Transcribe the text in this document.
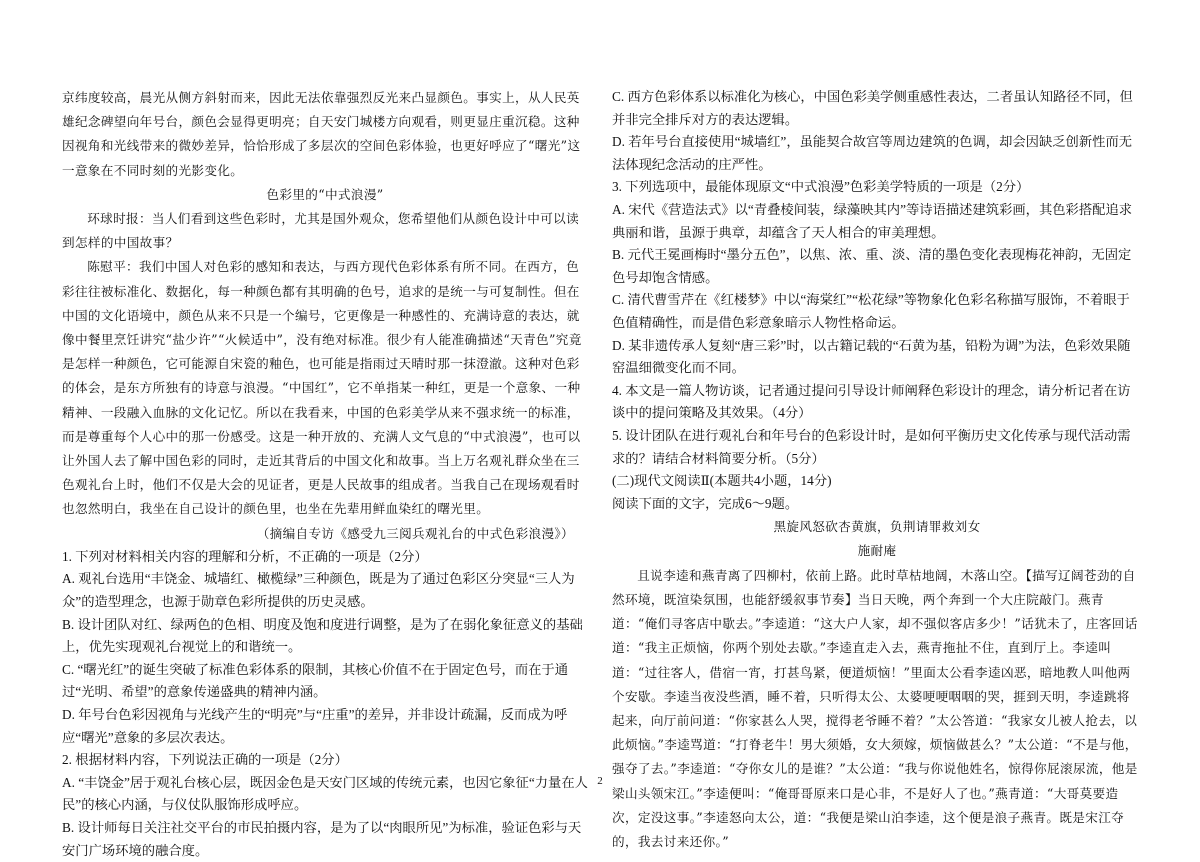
京纬度较高，晨光从侧方斜射而来，因此无法依靠强烈反光来凸显颜色。事实上，从人民英雄纪念碑望向年号台，颜色会显得更明亮；自天安门城楼方向观看，则更显庄重沉稳。这种因视角和光线带来的微妙差异，恰恰形成了多层次的空间色彩体验，也更好呼应了“曙光”这一意象在不同时刻的光影变化。

色彩里的“中式浪漫”

环球时报：当人们看到这些色彩时，尤其是国外观众，您希望他们从颜色设计中可以读到怎样的中国故事？

陈慰平：我们中国人对色彩的感知和表达，与西方现代色彩体系有所不同。在西方，色彩往往被标准化、数据化，每一种颜色都有其明确的色号，追求的是统一与可复制性。但在中国的文化语境中，颜色从来不只是一个编号，它更像是一种感性的、充满诗意的表达，就像中餐里烹饪讲究“盐少许”“火候适中”，没有绝对标准。很少有人能准确描述“天青色”究竟是怎样一种颜色，它可能源自宋瓷的釉色，也可能是指雨过天晴时那一抹澄澈。这种对色彩的体会，是东方所独有的诗意与浪漫。“中国红”，它不单指某一种红，更是一个意象、一种精神、一段融入血脉的文化记忆。所以在我看来，中国的色彩美学从来不强求统一的标准，而是尊重每个人心中的那一份感受。这是一种开放的、充满人文气息的“中式浪漫”，也可以让外国人去了解中国色彩的同时，走近其背后的中国文化和故事。当上万名观礼群众坐在三色观礼台上时，他们不仅是大会的见证者，更是人民故事的组成者。当我自己在现场观看时也忽然明白，我坐在自己设计的颜色里，也坐在先辈用鲜血染红的曙光里。

（摘编自专访《感受九三阅兵观礼台的中式色彩浪漫》）

1. 下列对材料相关内容的理解和分析，不正确的一项是（2分）

A. 观礼台选用“丰饶金、城墙红、橄榄绿”三种颜色，既是为了通过色彩区分突显“三人为众”的造型理念，也源于勋章色彩所提供的历史灵感。

B. 设计团队对红、绿两色的色相、明度及饱和度进行调整，是为了在弱化象征意义的基础上，优先实现观礼台视觉上的和谐统一。

C. “曙光红”的诞生突破了标准色彩体系的限制，其核心价值不在于固定色号，而在于通过“光明、希望”的意象传递盛典的精神内涵。

D. 年号台色彩因视角与光线产生的“明亮”与“庄重”的差异，并非设计疏漏，反而成为呼应“曙光”意象的多层次表达。

2. 根据材料内容，下列说法正确的一项是（2分）

A. “丰饶金”居于观礼台核心层，既因金色是天安门区域的传统元素，也因它象征“力量在人民”的核心内涵，与仪仗队服饰形成呼应。

B. 设计师每日关注社交平台的市民拍摄内容，是为了以“肉眼所见”为标准，验证色彩与天安门广场环境的融合度。

C. 西方色彩体系以标准化为核心，中国色彩美学侧重感性表达，二者虽认知路径不同，但并非完全排斥对方的表达逻辑。

D. 若年号台直接使用“城墙红”，虽能契合故宫等周边建筑的色调，却会因缺乏创新性而无法体现纪念活动的庄严性。

3. 下列选项中，最能体现原文“中式浪漫”色彩美学特质的一项是（2分）

A. 宋代《营造法式》以“青叠棱间装，绿藻映其内”等诗语描述建筑彩画，其色彩搭配追求典丽和谐，虽源于典章，却蕴含了天人相合的审美理想。

B. 元代王冕画梅时“墨分五色”，以焦、浓、重、淡、清的墨色变化表现梅花神韵，无固定色号却饱含情感。

C. 清代曹雪芹在《红楼梦》中以“海棠红”“松花绿”等物象化色彩名称描写服饰，不着眼于色值精确性，而是借色彩意象暗示人物性格命运。

D. 某非遗传承人复刻“唐三彩”时，以古籍记载的“石黄为基，铅粉为调”为法，色彩效果随窑温细微变化而不同。

4. 本文是一篇人物访谈，记者通过提问引导设计师阐释色彩设计的理念，请分析记者在访谈中的提问策略及其效果。（4分）

5. 设计团队在进行观礼台和年号台的色彩设计时，是如何平衡历史文化传承与现代活动需求的？请结合材料简要分析。（5分）

(二)现代文阅读Ⅱ(本题共4小题，14分)

阅读下面的文字，完成6～9题。

黑旋风怒砍杏黄旗，负荆请罪救刘女

施耐庵

且说李逵和燕青离了四柳村，依前上路。此时草枯地阔，木落山空。【描写辽阔苍劲的自然环境，既渲染氛围，也能舒缓叙事节奏】当日天晚，两个奔到一个大庄院敲门。燕青道：“俺们寻客店中歇去。”李逵道：“这大户人家，却不强似客店多少！”话犹未了，庄客回话道：“我主正烦恼，你两个别处去歇。”李逵直走入去，燕青拖扯不住，直到厅上。李逵叫道：“过往客人，借宿一宵，打甚鸟紧，便道烦恼！”里面太公看李逵凶恶，暗地教人叫他两个安歇。李逵当夜没些酒，睡不着，只听得太公、太婆哽哽咽咽的哭，捱到天明，李逵跳将起来，向厅前问道：“你家甚么人哭，搅得老爷睡不着？”太公答道：“我家女儿被人抢去，以此烦恼。”李逵骂道：“打脊老牛！男大须婚，女大须嫁，烦恼做甚么？”太公道：“不是与他，强夺了去。”李逵道：“夺你女儿的是谁？”太公道：“我与你说他姓名，惊得你屁滚尿流，他是梁山头领宋江。”李逵便叫：“俺哥哥原来口是心非，不是好人了也。”燕青道：“大哥莫要造次，定没这事。”李逵怒向太公，道：“我便是梁山泊李逵，这个便是浪子燕青。既是宋江夺的，我去讨来还你。”

2
